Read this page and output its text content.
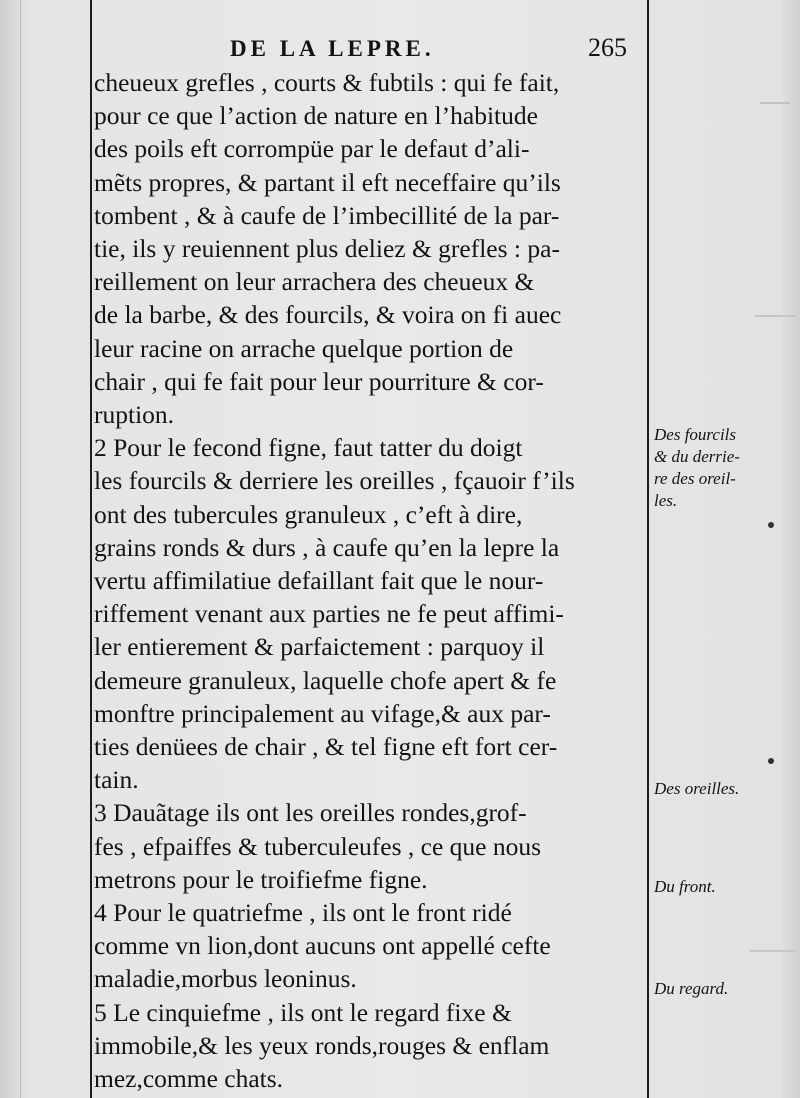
DE LA LEPRE.	265
cheueux grefles , courts & fubtils : qui fe fait,
pour ce que l’action de nature en l’habitude
des poils eft corrompüe par le defaut d’ali-
mẽts propres, & partant il eft neceffaire qu’ils
tombent , & à caufe de l’imbecillité de la par-
tie, ils y reuiennent plus deliez & grefles : pa-
reillement on leur arrachera des cheueux &
de la barbe, & des fourcils, & voira on fi auec
leur racine on arrache quelque portion de
chair , qui fe fait pour leur pourriture & cor-
ruption.
2 Pour le fecond figne, faut tatter du doigt
les fourcils & derriere les oreilles , fçauoir f’ils
ont des tubercules granuleux , c’eft à dire,
grains ronds & durs , à caufe qu’en la lepre la
vertu affimilatiue defaillant fait que le nour-
riffement venant aux parties ne fe peut affimi-
ler entierement & parfaictement : parquoy il
demeure granuleux, laquelle chofe apert & fe
monftre principalement au vifage,& aux par-
ties denüees de chair , & tel figne eft fort cer-
tain.
3 Dauãtage ils ont les oreilles rondes,grof-
fes , efpaiffes & tuberculeufes , ce que nous
metrons pour le troifiefme figne.
4 Pour le quatriefme , ils ont le front ridé
comme vn lion,dont aucuns ont appellé cefte
maladie,morbus leoninus.
5 Le cinquiefme , ils ont le regard fixe &
immobile,& les yeux ronds,rouges & enflam
mez,comme chats.
Des fourcils
& du derrie-
re des oreil-
les.
Des oreilles.
Du front.
Du regard.
